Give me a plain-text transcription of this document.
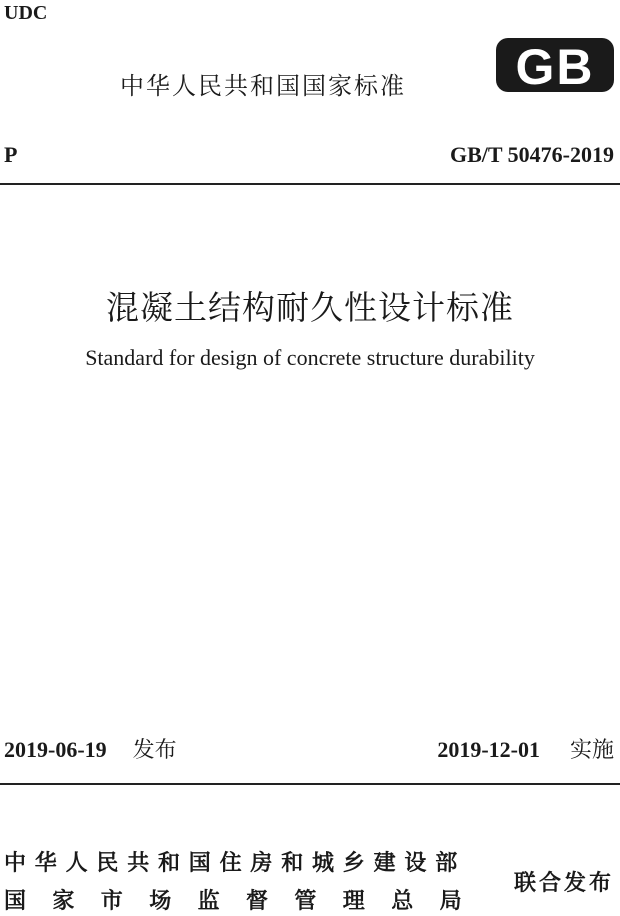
UDC
中华人民共和国国家标准 GB
P	GB/T 50476-2019
混凝土结构耐久性设计标准
Standard for design of concrete structure durability
2019-06-19 发布	2019-12-01 实施
中华人民共和国住房和城乡建设部
国家市场监督管理总局
联合发布
